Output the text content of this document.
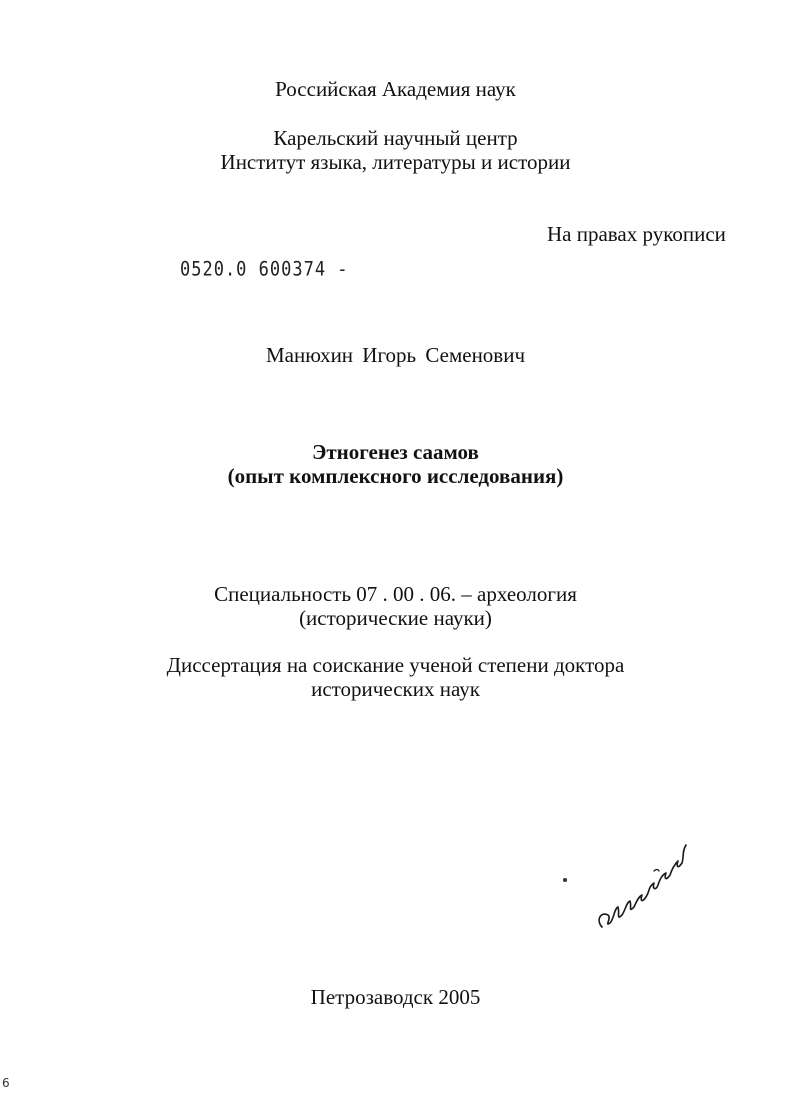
Российская Академия наук
Карельский научный центр
Институт языка, литературы и истории
На правах рукописи
0520.0 600374 -
Манюхин Игорь Семенович
Этногенез саамов
(опыт комплексного исследования)
Специальность 07 . 00 . 06. – археология
(исторические науки)
Диссертация на соискание ученой степени доктора
исторических наук
Петрозаводск 2005
6
